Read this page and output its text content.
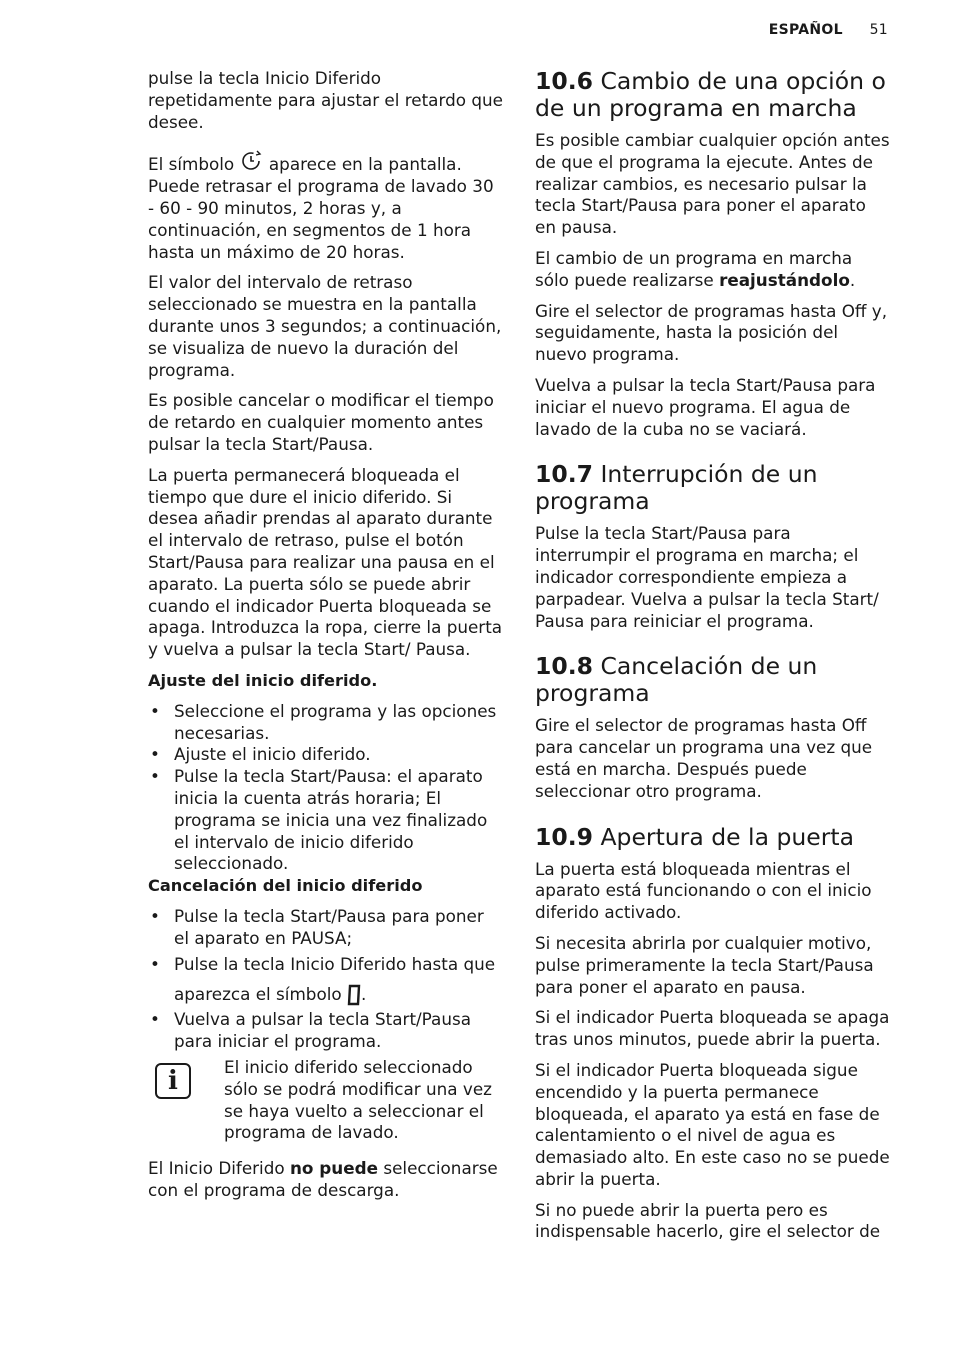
ESPAÑOL 51

pulse la tecla Inicio Diferido repetidamente para ajustar el retardo que desee.

El símbolo  aparece en la pantalla. Puede retrasar el programa de lavado 30 - 60 - 90 minutos, 2 horas y, a continuación, en segmentos de 1 hora hasta un máximo de 20 horas.

El valor del intervalo de retraso seleccionado se muestra en la pantalla durante unos 3 segundos; a continuación, se visualiza de nuevo la duración del programa.

Es posible cancelar o modificar el tiempo de retardo en cualquier momento antes pulsar la tecla Start/Pausa.

La puerta permanecerá bloqueada el tiempo que dure el inicio diferido. Si desea añadir prendas al aparato durante el intervalo de retraso, pulse el botón Start/Pausa para realizar una pausa en el aparato. La puerta sólo se puede abrir cuando el indicador Puerta bloqueada se apaga. Introduzca la ropa, cierre la puerta y vuelva a pulsar la tecla Start/ Pausa.

Ajuste del inicio diferido.
• Seleccione el programa y las opciones necesarias.
• Ajuste el inicio diferido.
• Pulse la tecla Start/Pausa: el aparato inicia la cuenta atrás horaria; El programa se inicia una vez finalizado el intervalo de inicio diferido seleccionado.
Cancelación del inicio diferido
• Pulse la tecla Start/Pausa para poner el aparato en PAUSA;
• Pulse la tecla Inicio Diferido hasta que aparezca el símbolo .
• Vuelva a pulsar la tecla Start/Pausa para iniciar el programa.
i	El inicio diferido seleccionado sólo se podrá modificar una vez se haya vuelto a seleccionar el programa de lavado.

El Inicio Diferido no puede seleccionarse con el programa de descarga.

10.6 Cambio de una opción o de un programa en marcha

Es posible cambiar cualquier opción antes de que el programa la ejecute. Antes de realizar cambios, es necesario pulsar la tecla Start/Pausa para poner el aparato en pausa.

El cambio de un programa en marcha sólo puede realizarse reajustándolo.

Gire el selector de programas hasta Off y, seguidamente, hasta la posición del nuevo programa.

Vuelva a pulsar la tecla Start/Pausa para iniciar el nuevo programa. El agua de lavado de la cuba no se vaciará.

10.7 Interrupción de un programa

Pulse la tecla Start/Pausa para interrumpir el programa en marcha; el indicador correspondiente empieza a parpadear. Vuelva a pulsar la tecla Start/ Pausa para reiniciar el programa.

10.8 Cancelación de un programa

Gire el selector de programas hasta Off para cancelar un programa una vez que está en marcha. Después puede seleccionar otro programa.

10.9 Apertura de la puerta

La puerta está bloqueada mientras el aparato está funcionando o con el inicio diferido activado.

Si necesita abrirla por cualquier motivo, pulse primeramente la tecla Start/Pausa para poner el aparato en pausa.

Si el indicador Puerta bloqueada se apaga tras unos minutos, puede abrir la puerta.

Si el indicador Puerta bloqueada sigue encendido y la puerta permanece bloqueada, el aparato ya está en fase de calentamiento o el nivel de agua es demasiado alto. En este caso no se puede abrir la puerta.

Si no puede abrir la puerta pero es indispensable hacerlo, gire el selector de
